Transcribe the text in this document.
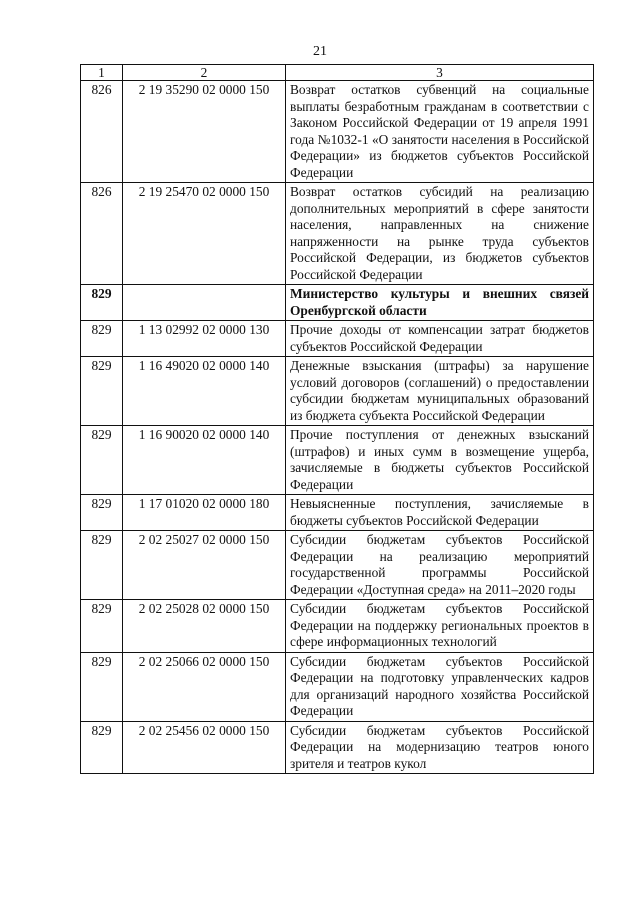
21
1	2	3
826	2 19 35290 02 0000 150	Возврат остатков субвенций на социальные выплаты безработным гражданам в соответствии с Законом Российской Федерации от 19 апреля 1991 года №1032-1 «О занятости населения в Российской Федерации» из бюджетов субъектов Российской Федерации
826	2 19 25470 02 0000 150	Возврат остатков субсидий на реализацию дополнительных мероприятий в сфере занятости населения, направленных на снижение напряженности на рынке труда субъектов Российской Федерации, из бюджетов субъектов Российской Федерации
829		Министерство культуры и внешних связей Оренбургской области
829	1 13 02992 02 0000 130	Прочие доходы от компенсации затрат бюджетов субъектов Российской Федерации
829	1 16 49020 02 0000 140	Денежные взыскания (штрафы) за нарушение условий договоров (соглашений) о предоставлении субсидии бюджетам муниципальных образований из бюджета субъекта Российской Федерации
829	1 16 90020 02 0000 140	Прочие поступления от денежных взысканий (штрафов) и иных сумм в возмещение ущерба, зачисляемые в бюджеты субъектов Российской Федерации
829	1 17 01020 02 0000 180	Невыясненные поступления, зачисляемые в бюджеты субъектов Российской Федерации
829	2 02 25027 02 0000 150	Субсидии бюджетам субъектов Российской Федерации на реализацию мероприятий государственной программы Российской Федерации «Доступная среда» на 2011–2020 годы
829	2 02 25028 02 0000 150	Субсидии бюджетам субъектов Российской Федерации на поддержку региональных проектов в сфере информационных технологий
829	2 02 25066 02 0000 150	Субсидии бюджетам субъектов Российской Федерации на подготовку управленческих кадров для организаций народного хозяйства Российской Федерации
829	2 02 25456 02 0000 150	Субсидии бюджетам субъектов Российской Федерации на модернизацию театров юного зрителя и театров кукол
